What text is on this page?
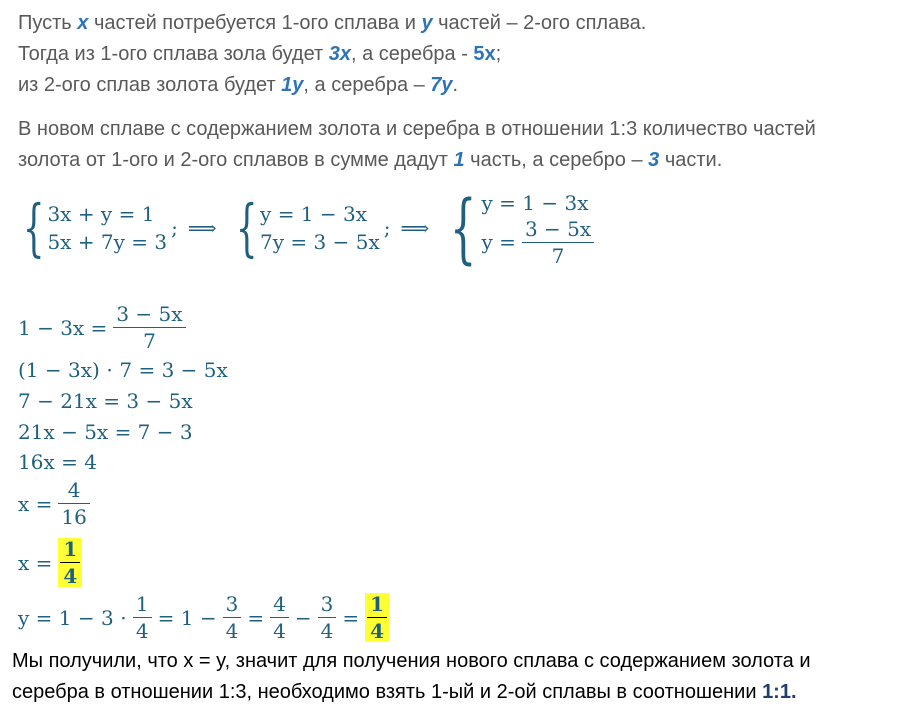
Пусть x частей потребуется 1-ого сплава и y частей – 2-ого сплава.
Тогда из 1-ого сплава зола будет 3x, а серебра - 5x;
из 2-ого сплав золота будет 1y, а серебра – 7y.

В новом сплаве с содержанием золота и серебра в отношении 1:3 количество частей
золота от 1-ого и 2-ого сплавов в сумме дадут 1 часть, а серебро – 3 части.

{ 3x + y = 1
5x + 7y = 3
; ⟹ { y = 1 − 3x
7y = 3 − 5x
; ⟹ { y = 1 − 3x
$y = \frac{3 - 5x}{7}$
$1 - 3x = \frac{3 - 5x}{7}$
(1 − 3x) ⋅ 7 = 3 − 5x
7 − 21x = 3 − 5x
21x − 5x = 7 − 3
16x = 4
$x = \frac{4}{16}$
$x = \frac{1}{4}$
$y = 1 - 3 \cdot \frac{1}{4} = 1 - \frac{3}{4} = \frac{4}{4} - \frac{3}{4} = \frac{1}{4}$

Мы получили, что x = y, значит для получения нового сплава с содержанием золота и
серебра в отношении 1:3, необходимо взять 1-ый и 2-ой сплавы в соотношении 1:1.
